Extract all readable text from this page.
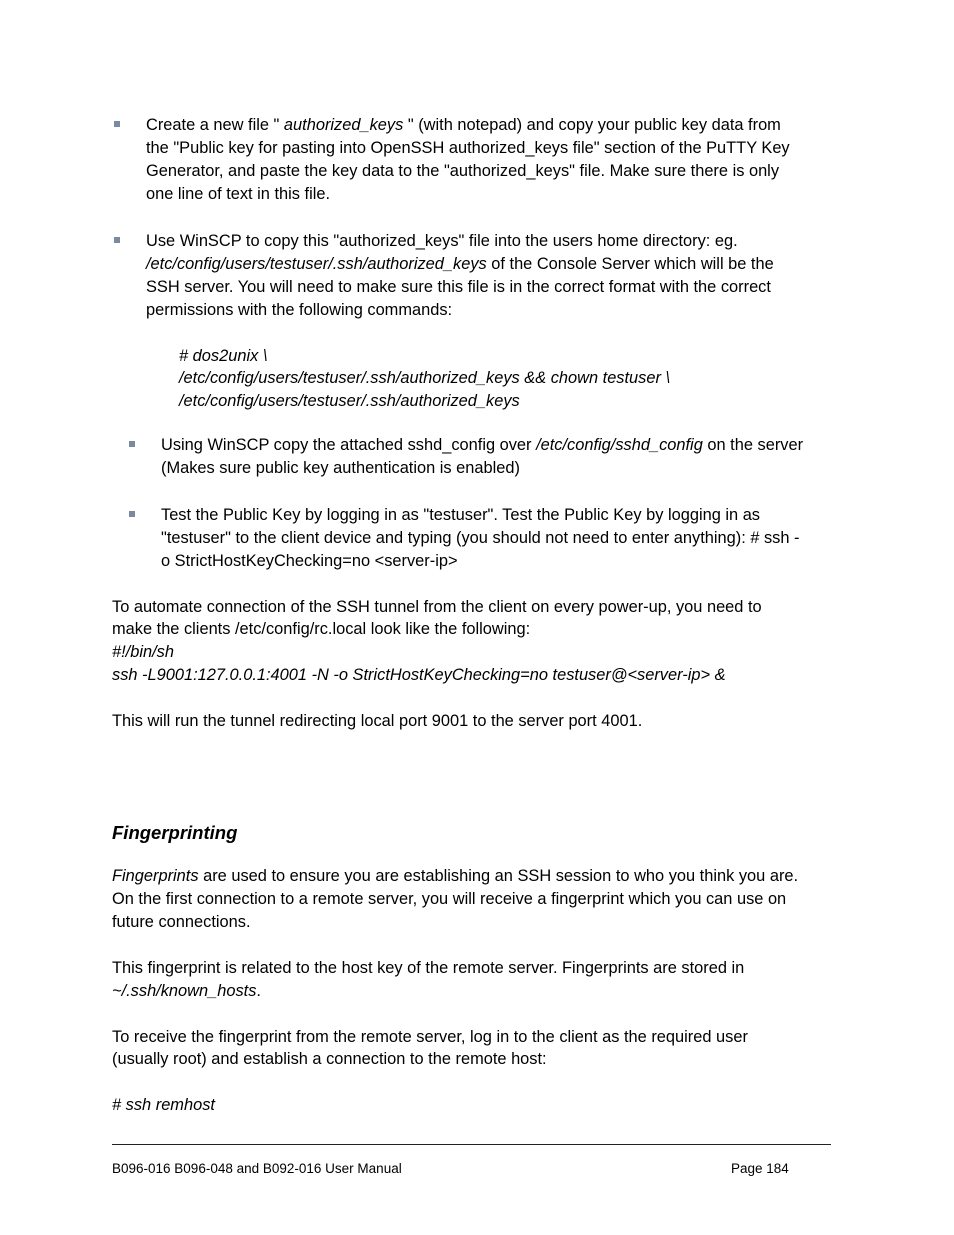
Create a new file " authorized_keys " (with notepad) and copy your public key data from

the "Public key for pasting into OpenSSH authorized_keys file" section of the PuTTY Key

Generator, and paste the key data to the "authorized_keys" file. Make sure there is only

one line of text in this file.

Use WinSCP to copy this "authorized_keys" file into the users home directory: eg.

/etc/config/users/testuser/.ssh/authorized_keys of the Console Server which will be the

SSH server. You will need to make sure this file is in the correct format with the correct

permissions with the following commands:

# dos2unix \

/etc/config/users/testuser/.ssh/authorized_keys && chown testuser \

/etc/config/users/testuser/.ssh/authorized_keys

Using WinSCP copy the attached sshd_config over /etc/config/sshd_config on the server

(Makes sure public key authentication is enabled)

Test the Public Key by logging in as "testuser". Test the Public Key by logging in as

"testuser" to the client device and typing (you should not need to enter anything): # ssh -

o StrictHostKeyChecking=no <server-ip>

To automate connection of the SSH tunnel from the client on every power-up, you need to

make the clients /etc/config/rc.local look like the following:

#!/bin/sh

ssh -L9001:127.0.0.1:4001 -N -o StrictHostKeyChecking=no testuser@<server-ip> &

This will run the tunnel redirecting local port 9001 to the server port 4001.

Fingerprinting

Fingerprints are used to ensure you are establishing an SSH session to who you think you are.

On the first connection to a remote server, you will receive a fingerprint which you can use on

future connections.

This fingerprint is related to the host key of the remote server. Fingerprints are stored in

~/.ssh/known_hosts.

To receive the fingerprint from the remote server, log in to the client as the required user

(usually root) and establish a connection to the remote host:

# ssh remhost

B096-016 B096-048 and B092-016 User Manual	Page 184
